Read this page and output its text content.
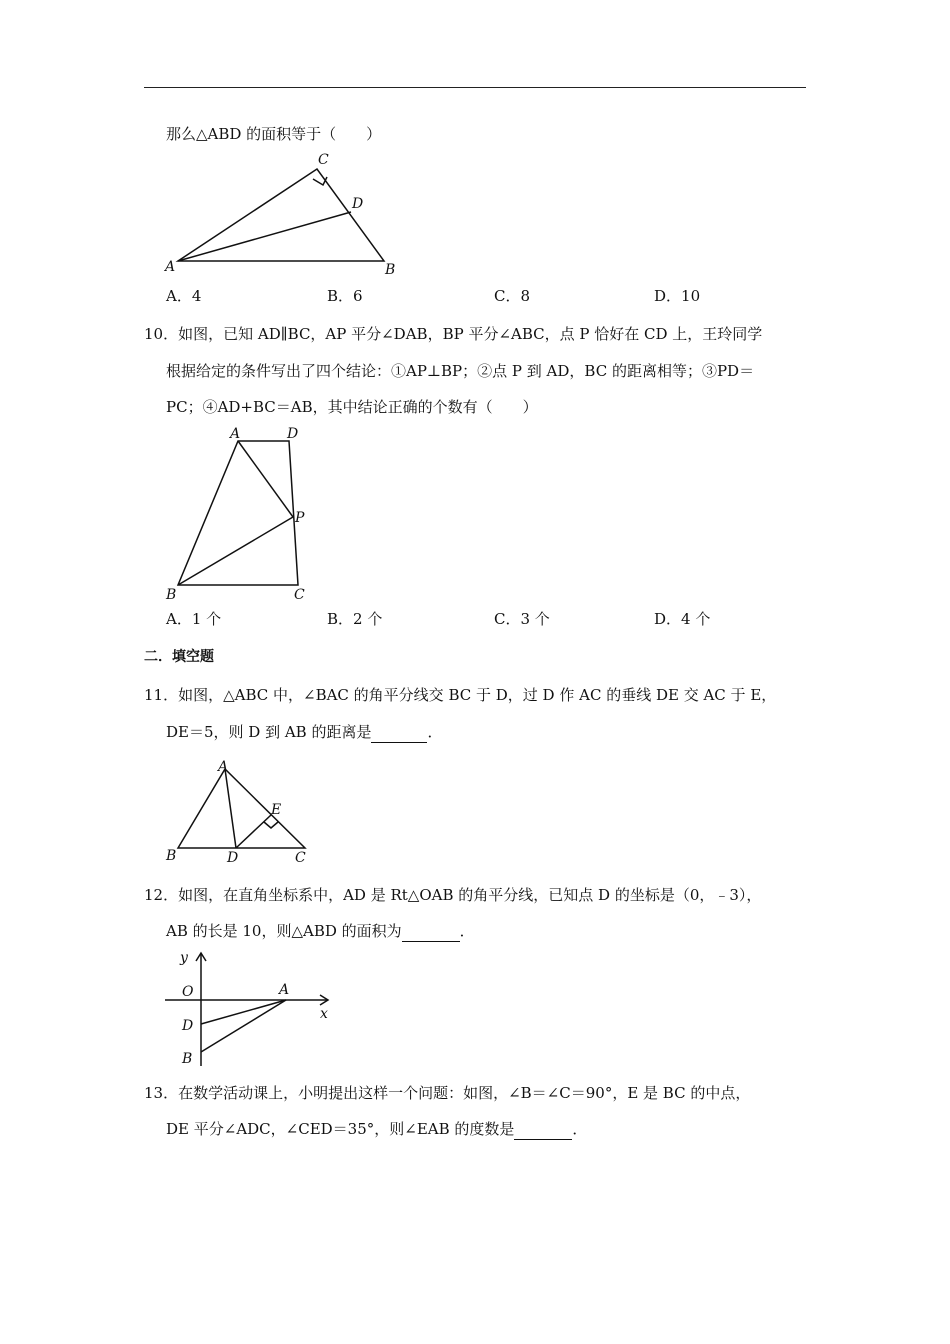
那么△ABD 的面积等于（　　）
A	B
C
D
A．4	B．6	C．8	D．10
10．如图，已知 AD∥BC，AP 平分∠DAB，BP 平分∠ABC，点 P 恰好在 CD 上，王玲同学
根据给定的条件写出了四个结论：①AP⊥BP；②点 P 到 AD，BC 的距离相等；③PD＝
PC；④AD+BC＝AB，其中结论正确的个数有（　　）
A	D
P
B	C
A．1 个	B．2 个	C．3 个	D．4 个
二．填空题
11．如图，△ABC 中，∠BAC 的角平分线交 BC 于 D，过 D 作 AC 的垂线 DE 交 AC 于 E，
DE＝5，则 D 到 AB 的距离是	．
A
B	D	C
E
12．如图，在直角坐标系中，AD 是 Rt△OAB 的角平分线，已知点 D 的坐标是（0，﹣3），
AB 的长是 10，则△ABD 的面积为	．
y
x
O	A
D
B
13．在数学活动课上，小明提出这样一个问题：如图，∠B＝∠C＝90°，E 是 BC 的中点，
DE 平分∠ADC，∠CED＝35°，则∠EAB 的度数是	．
